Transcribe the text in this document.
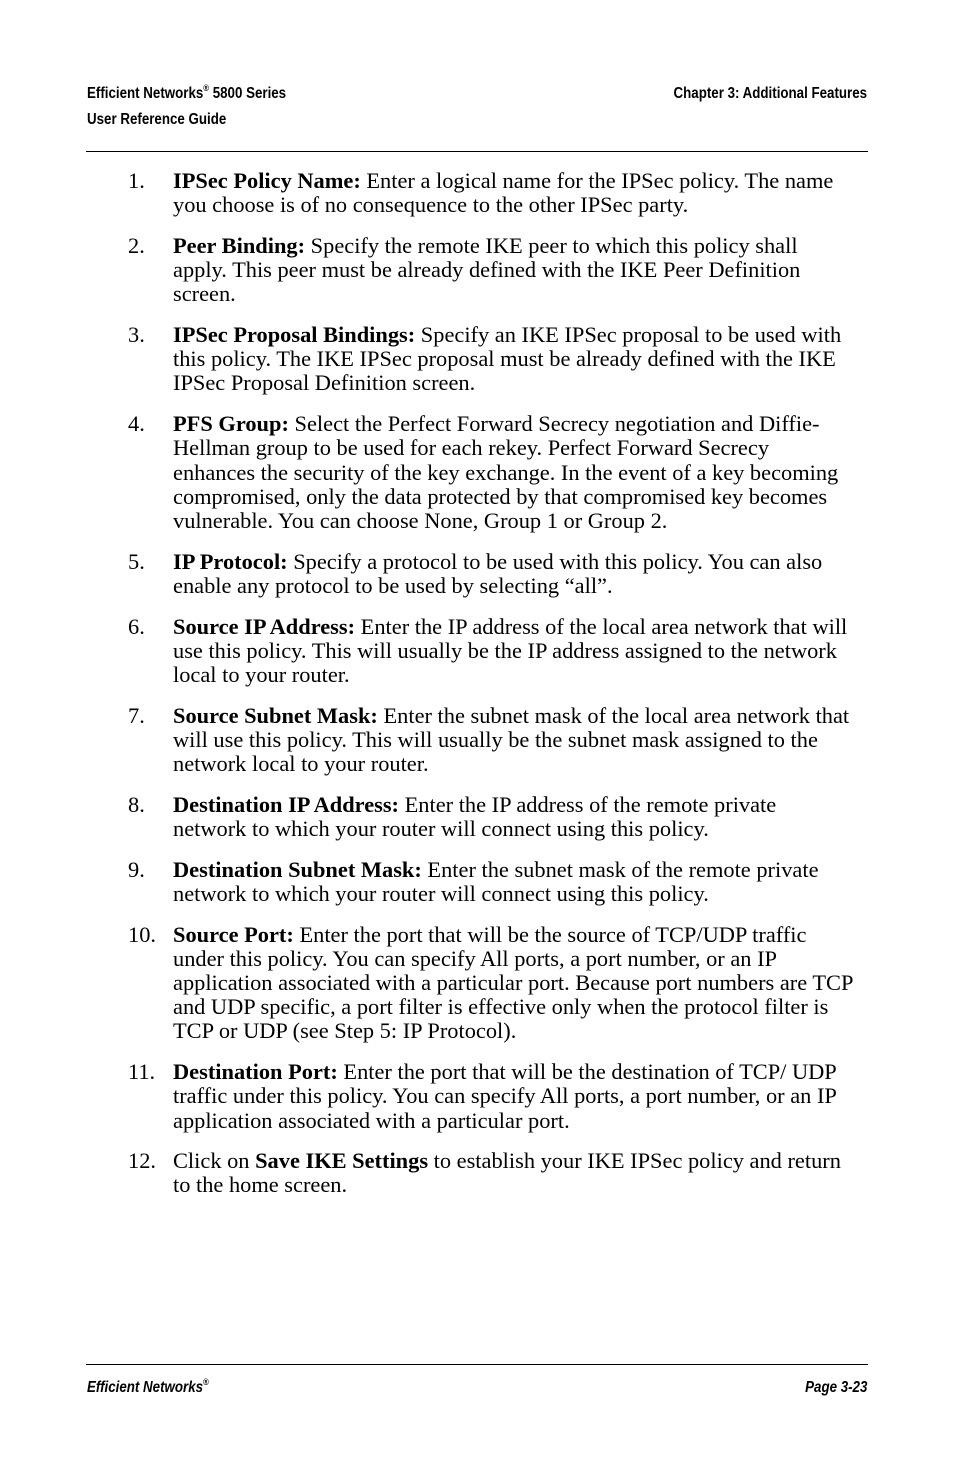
Efficient Networks® 5800 Series
User Reference Guide
Chapter 3: Additional Features
1. IPSec Policy Name: Enter a logical name for the IPSec policy. The name you choose is of no consequence to the other IPSec party.
2. Peer Binding: Specify the remote IKE peer to which this policy shall apply. This peer must be already defined with the IKE Peer Definition screen.
3. IPSec Proposal Bindings: Specify an IKE IPSec proposal to be used with this policy. The IKE IPSec proposal must be already defined with the IKE IPSec Proposal Definition screen.
4. PFS Group: Select the Perfect Forward Secrecy negotiation and Diffie-Hellman group to be used for each rekey. Perfect Forward Secrecy enhances the security of the key exchange. In the event of a key becoming compromised, only the data protected by that compromised key becomes vulnerable. You can choose None, Group 1 or Group 2.
5. IP Protocol: Specify a protocol to be used with this policy. You can also enable any protocol to be used by selecting “all”.
6. Source IP Address: Enter the IP address of the local area network that will use this policy. This will usually be the IP address assigned to the network local to your router.
7. Source Subnet Mask: Enter the subnet mask of the local area network that will use this policy. This will usually be the subnet mask assigned to the network local to your router.
8. Destination IP Address: Enter the IP address of the remote private network to which your router will connect using this policy.
9. Destination Subnet Mask: Enter the subnet mask of the remote private network to which your router will connect using this policy.
10. Source Port: Enter the port that will be the source of TCP/UDP traffic under this policy. You can specify All ports, a port number, or an IP application associated with a particular port. Because port numbers are TCP and UDP specific, a port filter is effective only when the protocol filter is TCP or UDP (see Step 5: IP Protocol).
11. Destination Port: Enter the port that will be the destination of TCP/ UDP traffic under this policy. You can specify All ports, a port number, or an IP application associated with a particular port.
12. Click on Save IKE Settings to establish your IKE IPSec policy and return to the home screen.
Efficient Networks®	Page 3-23
